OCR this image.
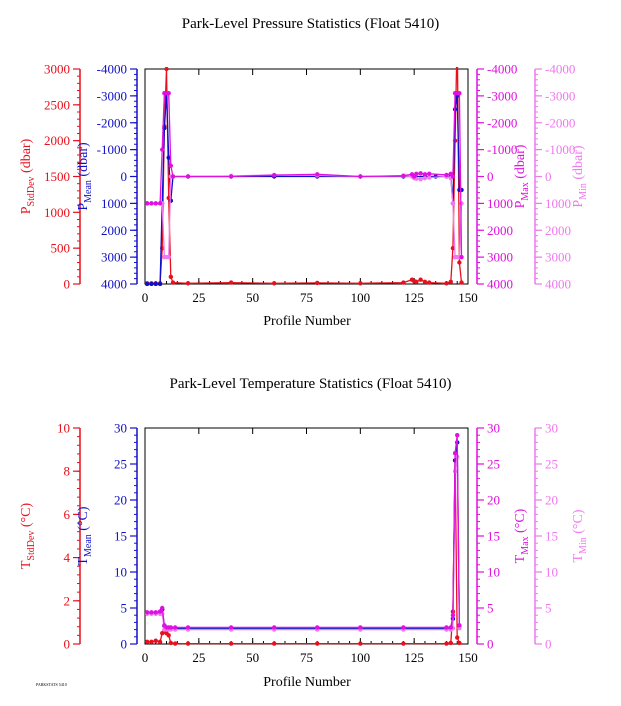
Park-Level Pressure Statistics (Float 5410)
Profile Number
Park-Level Temperature Statistics (Float 5410)
Profile Number
PARKSTATS 5410
0	25	50	75	100	125	150
0
500
1000
1500
2000
2500
3000
$P_{StdDev}$ (dbar)
4000
3000
2000
1000
0
-1000
-2000
-3000
-4000
$P_{Mean}$ (dbar)
4000
3000
2000
1000
0
-1000
-2000
-3000
-4000
$P_{Max}$ (dbar)
4000
3000
2000
1000
0
-1000
-2000
-3000
-4000
$P_{Min}$ (dbar)
0	25	50	75	100	125	150
0
2
4
6
8
10
$T_{StdDev}$ (°C)
0
5
10
15
20
25
30
$T_{Mean}$ (°C)
0
5
10
15
20
25
30
$T_{Max}$ (°C)
0
5
10
15
20
25
30
$T_{Min}$ (°C)
